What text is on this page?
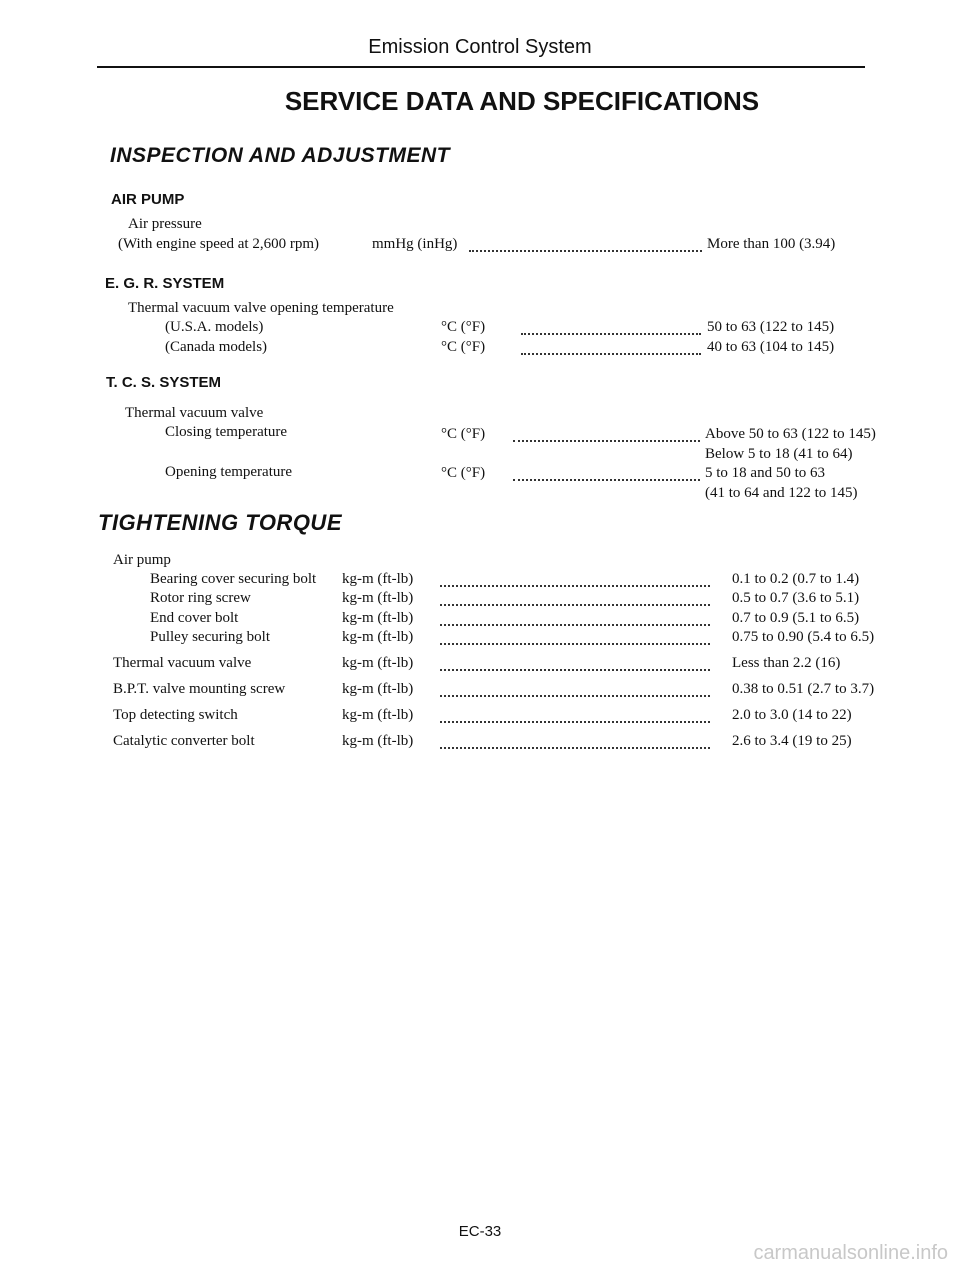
Emission Control System
SERVICE DATA AND SPECIFICATIONS
INSPECTION AND ADJUSTMENT
AIR PUMP
Air pressure
(With engine speed at 2,600 rpm)	mmHg (inHg)	More than 100 (3.94)
E. G. R. SYSTEM
Thermal vacuum valve opening temperature
(U.S.A. models)	°C (°F)	50 to 63 (122 to 145)
(Canada models)	°C (°F)	40 to 63 (104 to 145)
T. C. S. SYSTEM
Thermal vacuum valve
Closing temperature	°C (°F)	Above 50 to 63 (122 to 145)
Below 5 to 18 (41 to 64)
Opening temperature	°C (°F)	5 to 18 and 50 to 63
(41 to 64 and 122 to 145)
TIGHTENING TORQUE
Air pump
Bearing cover securing bolt kg-m (ft-lb)	0.1 to 0.2 (0.7 to 1.4)
Rotor ring screw	kg-m (ft-lb)	0.5 to 0.7 (3.6 to 5.1)
End cover bolt	kg-m (ft-lb)	0.7 to 0.9 (5.1 to 6.5)
Pulley securing bolt	kg-m (ft-lb)	0.75 to 0.90 (5.4 to 6.5)
Thermal vacuum valve	kg-m (ft-lb)	Less than 2.2 (16)
B.P.T. valve mounting screw	kg-m (ft-lb)	0.38 to 0.51 (2.7 to 3.7)
Top detecting switch	kg-m (ft-lb)	2.0 to 3.0 (14 to 22)
Catalytic converter bolt	kg-m (ft-lb)	2.6 to 3.4 (19 to 25)
EC-33
carmanualsonline.info
